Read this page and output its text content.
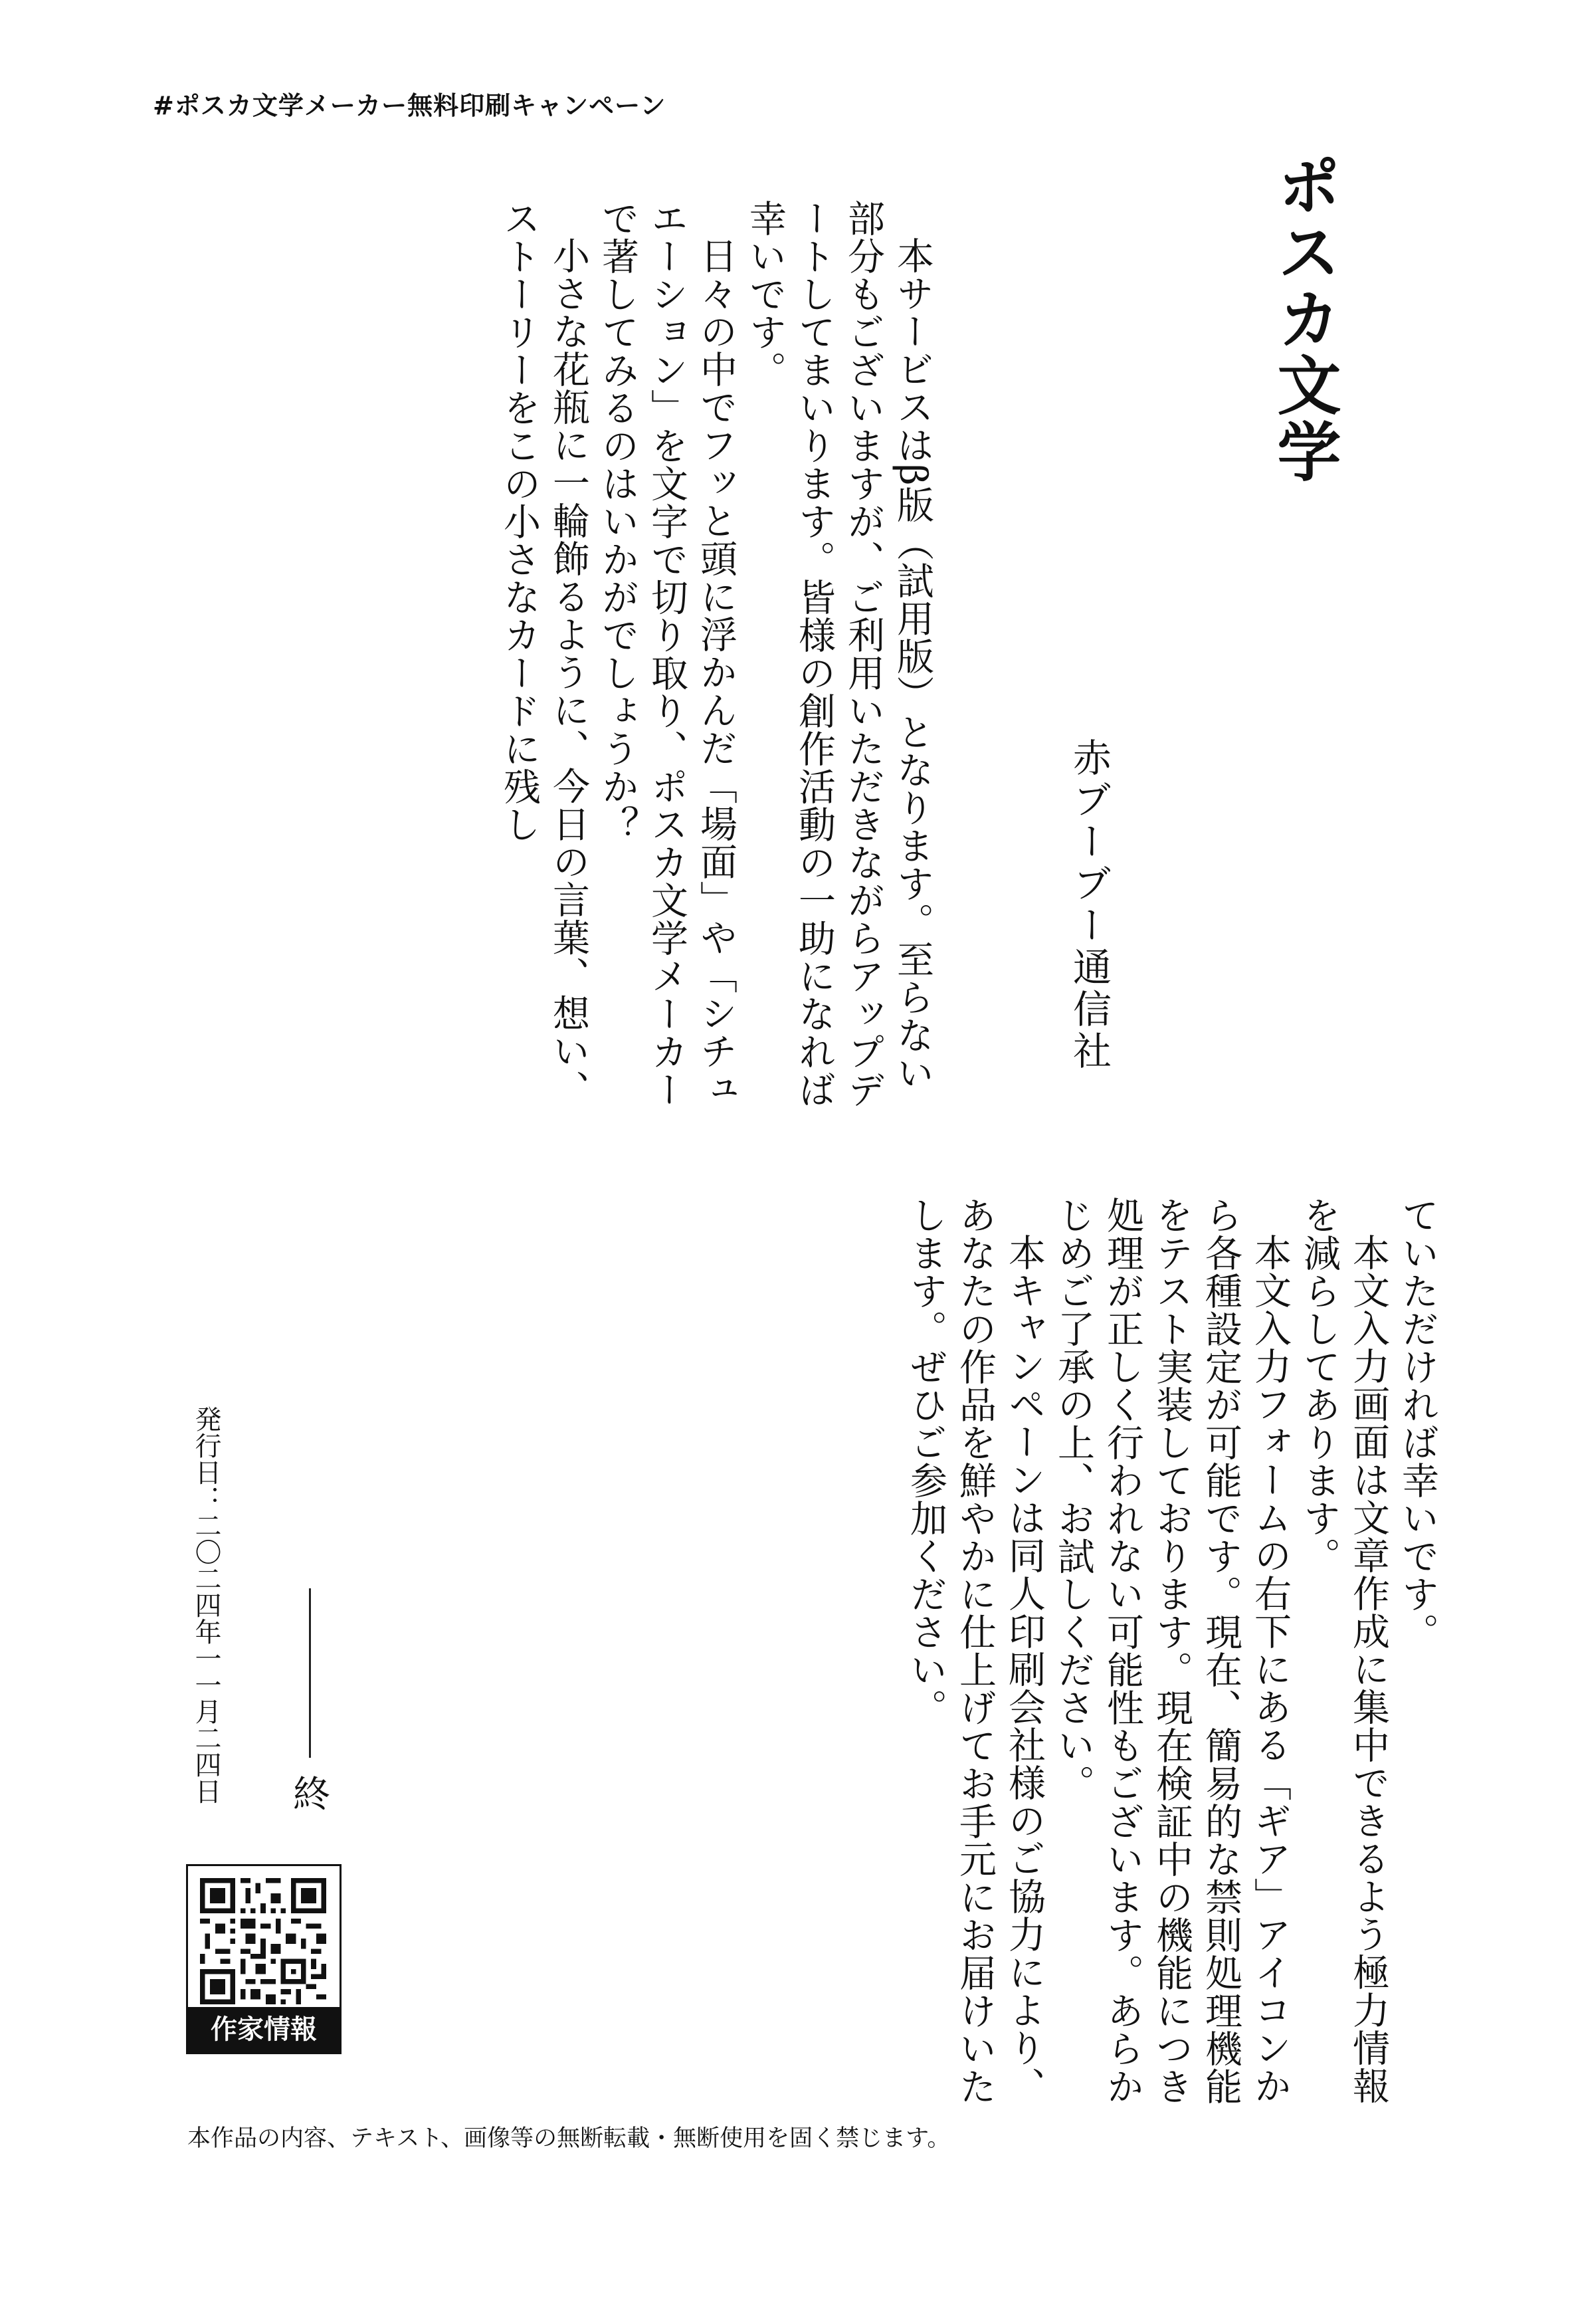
#ポスカ文学メーカー無料印刷キャンペーン
ポスカ文学
赤ブーブー通信社

本サービスはβ版（試用版）となります。至らない部分もございますが、ご利用いただきながらアップデートしてまいります。皆様の創作活動の一助になれば幸いです。

日々の中でフッと頭に浮かんだ「場面」や「シチュエーション」を文字で切り取り、ポスカ文学メーカーで著してみるのはいかがでしょうか？

小さな花瓶に一輪飾るように、今日の言葉、想い、ストーリーをこの小さなカードに残し

ていただければ幸いです。

本文入力画面は文章作成に集中できるよう極力情報を減らしてあります。

本文入力フォームの右下にある「ギア」アイコンから各種設定が可能です。現在、簡易的な禁則処理機能をテスト実装しております。現在検証中の機能につき処理が正しく行われない可能性もございます。あらかじめご了承の上、お試しください。

本キャンペーンは同人印刷会社様のご協力により、あなたの作品を鮮やかに仕上げてお手元にお届けいたします。ぜひご参加ください。

発行日：二〇二四年一一月二四日 終
作家情報
本作品の内容、テキスト、画像等の無断転載・無断使用を固く禁じます。
